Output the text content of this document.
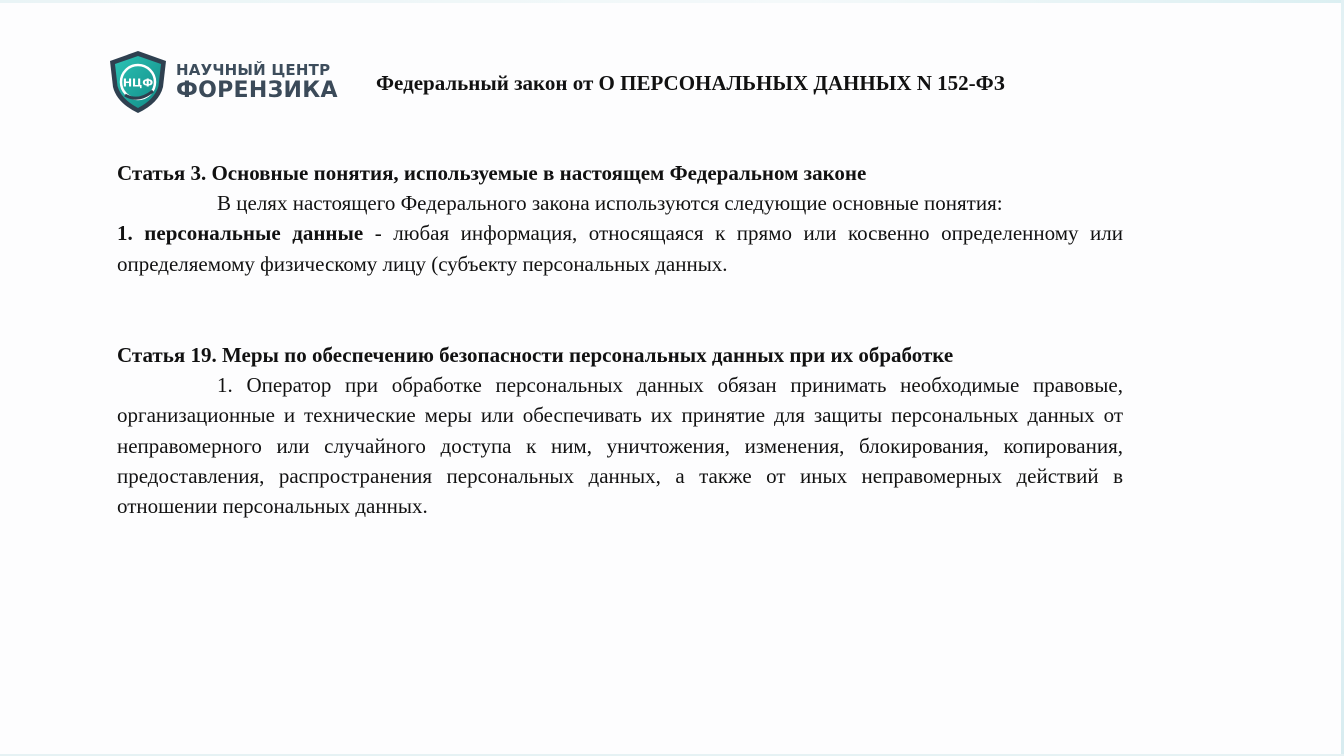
НЦФ
НАУЧНЫЙ ЦЕНТР
ФОРЕНЗИКА Федеральный закон от О ПЕРСОНАЛЬНЫХ ДАННЫХ N 152-ФЗ
Статья 3. Основные понятия, используемые в настоящем Федеральном законе
В целях настоящего Федерального закона используются следующие основные понятия:
1. персональные данные - любая информация, относящаяся к прямо или косвенно определенному или определяемому физическому лицу (субъекту персональных данных.
Статья 19. Меры по обеспечению безопасности персональных данных при их обработке
1. Оператор при обработке персональных данных обязан принимать необходимые правовые, организационные и технические меры или обеспечивать их принятие для защиты персональных данных от неправомерного или случайного доступа к ним, уничтожения, изменения, блокирования, копирования, предоставления, распространения персональных данных, а также от иных неправомерных действий в отношении персональных данных.
